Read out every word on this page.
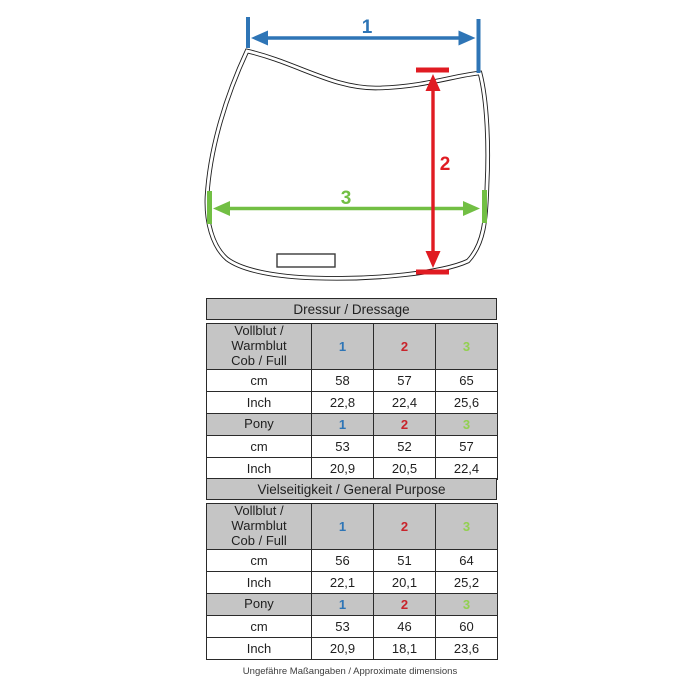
3
2
1
Dressur / Dressage
Vollblut / Warmblut
Cob / Full	1	2	3
cm	58	57	65
Inch	22,8	22,4	25,6
Pony	1	2	3
cm	53	52	57
Inch	20,9	20,5	22,4
Vielseitigkeit / General Purpose
Vollblut / Warmblut
Cob / Full	1	2	3
cm	56	51	64
Inch	22,1	20,1	25,2
Pony	1	2	3
cm	53	46	60
Inch	20,9	18,1	23,6
Ungefähre Maßangaben / Approximate dimensions
